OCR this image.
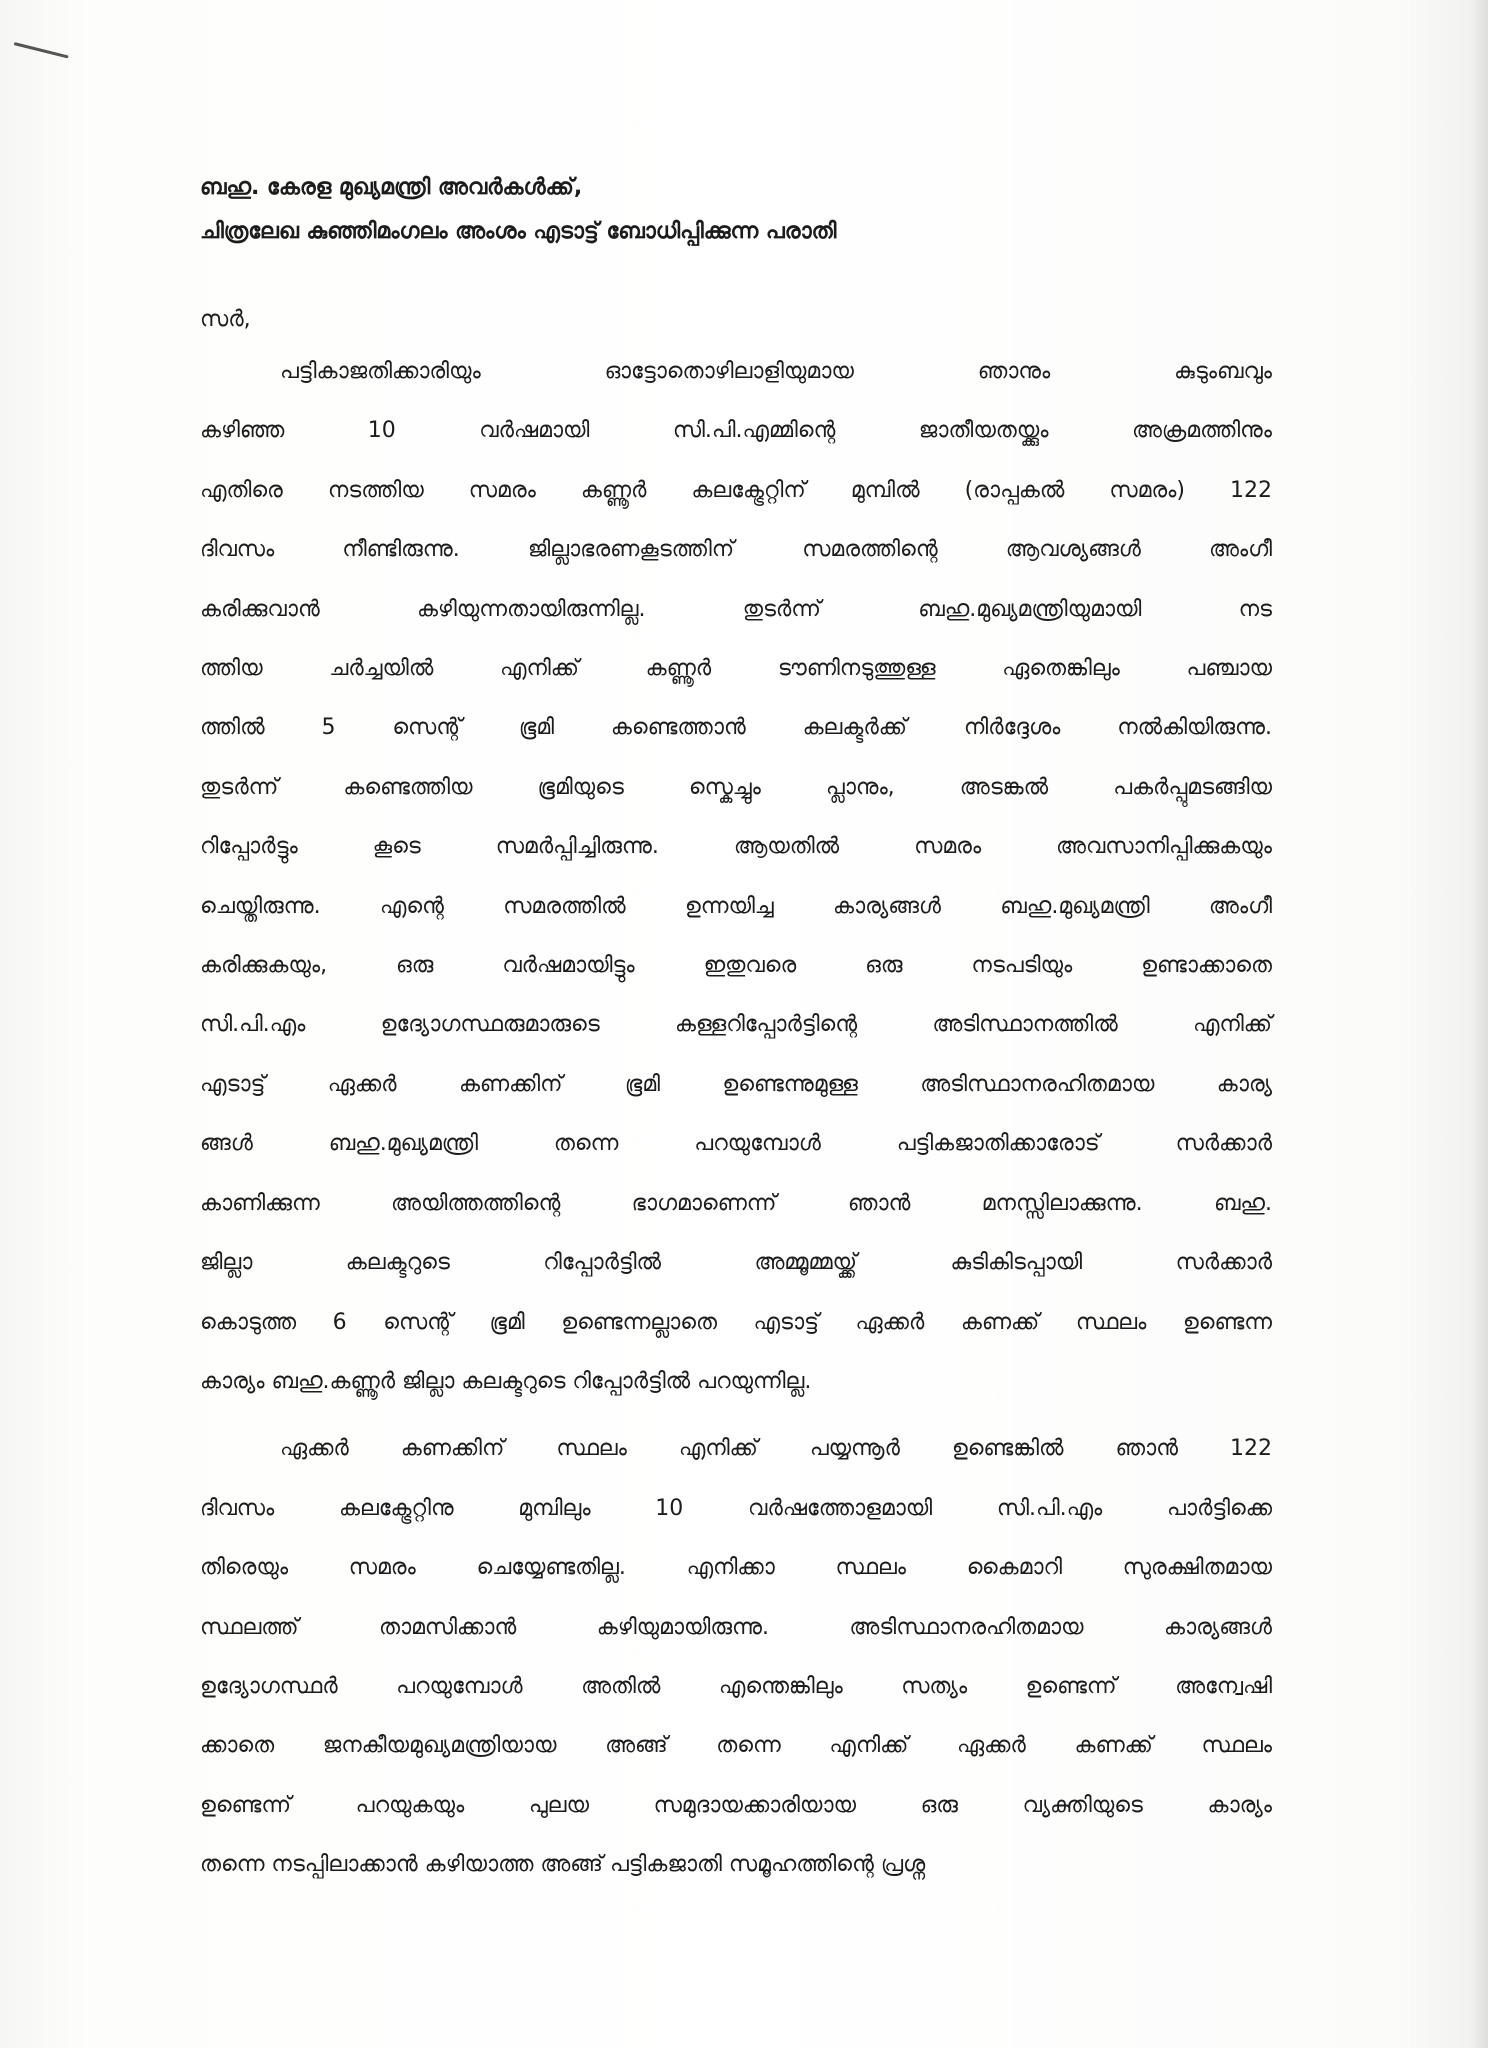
ബഹു. കേരള മുഖ്യമന്ത്രി അവർകൾക്ക്,

ചിത്രലേഖ കുഞ്ഞിമംഗലം അംശം എടാട്ട് ബോധിപ്പിക്കുന്ന പരാതി

സർ,

പട്ടികാജതിക്കാരിയും ഓട്ടോതൊഴിലാളിയുമായ ഞാനും കുടുംബവും
കഴിഞ്ഞ 10 വർഷമായി സി.പി.എമ്മിന്റെ ജാതീയതയ്ക്കും അക്രമത്തിനും
എതിരെ നടത്തിയ സമരം കണ്ണൂർ കലക്ട്രേറ്റിന് മുമ്പിൽ (രാപ്പകൽ സമരം) 122
ദിവസം നീണ്ടിരുന്നു. ജില്ലാഭരണകൂടത്തിന് സമരത്തിന്റെ ആവശ്യങ്ങൾ അംഗീ
കരിക്കുവാൻ കഴിയുന്നതായിരുന്നില്ല. തുടർന്ന് ബഹു.മുഖ്യമന്ത്രിയുമായി നട
ത്തിയ ചർച്ചയിൽ എനിക്ക് കണ്ണൂർ ടൗണിനടുത്തുള്ള ഏതെങ്കിലും പഞ്ചായ
ത്തിൽ 5 സെന്റ് ഭൂമി കണ്ടെത്താൻ കലക്ടർക്ക് നിർദ്ദേശം നൽകിയിരുന്നു.
തുടർന്ന് കണ്ടെത്തിയ ഭൂമിയുടെ സ്കെച്ചും പ്ലാനും, അടങ്കൽ പകർപ്പുമടങ്ങിയ
റിപ്പോർട്ടും കൂടെ സമർപ്പിച്ചിരുന്നു. ആയതിൽ സമരം അവസാനിപ്പിക്കുകയും
ചെയ്തിരുന്നു. എന്റെ സമരത്തിൽ ഉന്നയിച്ച കാര്യങ്ങൾ ബഹു.മുഖ്യമന്ത്രി അംഗീ
കരിക്കുകയും, ഒരു വർഷമായിട്ടും ഇതുവരെ ഒരു നടപടിയും ഉണ്ടാക്കാതെ
സി.പി.എം ഉദ്യോഗസ്ഥരുമാരുടെ കള്ളറിപ്പോർട്ടിന്റെ അടിസ്ഥാനത്തിൽ എനിക്ക്
എടാട്ട് ഏക്കർ കണക്കിന് ഭൂമി ഉണ്ടെന്നുമുള്ള അടിസ്ഥാനരഹിതമായ കാര്യ
ങ്ങൾ ബഹു.മുഖ്യമന്ത്രി തന്നെ പറയുമ്പോൾ പട്ടികജാതിക്കാരോട് സർക്കാർ
കാണിക്കുന്ന അയിത്തത്തിന്റെ ഭാഗമാണെന്ന് ഞാൻ മനസ്സിലാക്കുന്നു. ബഹു.
ജില്ലാ കലക്ടറുടെ റിപ്പോർട്ടിൽ അമ്മൂമ്മയ്ക്ക് കുടികിടപ്പായി സർക്കാർ
കൊടുത്ത 6 സെന്റ് ഭൂമി ഉണ്ടെന്നല്ലാതെ എടാട്ട് ഏക്കർ കണക്ക് സ്ഥലം ഉണ്ടെന്ന
കാര്യം ബഹു.കണ്ണൂർ ജില്ലാ കലക്ടറുടെ റിപ്പോർട്ടിൽ പറയുന്നില്ല.
ഏക്കർ കണക്കിന് സ്ഥലം എനിക്ക് പയ്യന്നൂർ ഉണ്ടെങ്കിൽ ഞാൻ 122
ദിവസം കലക്ട്രേറ്റിനു മുമ്പിലും 10 വർഷത്തോളമായി സി.പി.എം പാർട്ടിക്കെ
തിരെയും സമരം ചെയ്യേണ്ടതില്ല. എനിക്കാ സ്ഥലം കൈമാറി സുരക്ഷിതമായ
സ്ഥലത്ത് താമസിക്കാൻ കഴിയുമായിരുന്നു. അടിസ്ഥാനരഹിതമായ കാര്യങ്ങൾ
ഉദ്യോഗസ്ഥർ പറയുമ്പോൾ അതിൽ എന്തെങ്കിലും സത്യം ഉണ്ടെന്ന് അന്വേഷി
ക്കാതെ ജനകീയമുഖ്യമന്ത്രിയായ അങ്ങ് തന്നെ എനിക്ക് ഏക്കർ കണക്ക് സ്ഥലം
ഉണ്ടെന്ന് പറയുകയും പുലയ സമുദായക്കാരിയായ ഒരു വ്യക്തിയുടെ കാര്യം
തന്നെ നടപ്പിലാക്കാൻ കഴിയാത്ത അങ്ങ് പട്ടികജാതി സമൂഹത്തിന്റെ പ്രശ്ന
